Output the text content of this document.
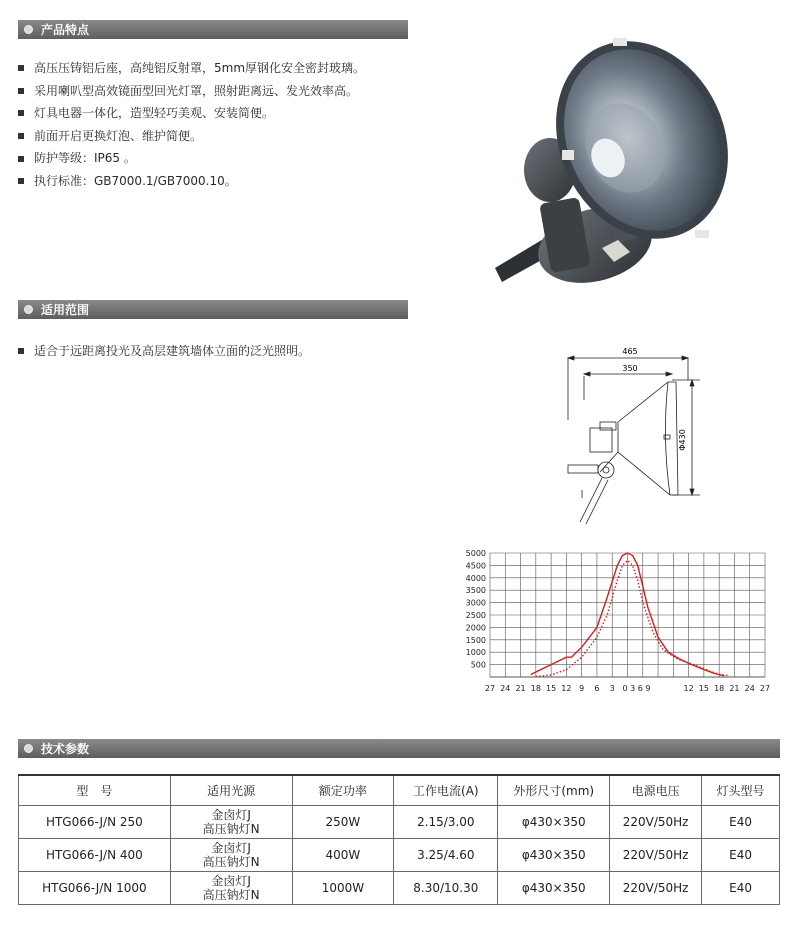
产品特点
高压压铸铝后座，高纯铝反射罩，5mm厚钢化安全密封玻璃。
采用喇叭型高效镜面型回光灯罩，照射距离远、发光效率高。
灯具电器一体化，造型轻巧美观、安装简便。
前面开启更换灯泡、维护简便。
防护等级：IP65 。
执行标准：GB7000.1/GB7000.10。
适用范围
适合于远距离投光及高层建筑墙体立面的泛光照明。	465
350
Φ430
5000
4500
4000
3500
3000
2500
2000
1500
1000
500
27 24 21 18 15 12 9 6 3 0 3 6 9	12 15 18 21 24 27
技术参数
型　号	适用光源	额定功率	工作电流(A)	外形尺寸(mm)	电源电压	灯头型号
HTG066-J/N 250	金卤灯J
高压钠灯N	250W	2.15/3.00	φ430×350	220V/50Hz	E40
HTG066-J/N 400	金卤灯J
高压钠灯N	400W	3.25/4.60	φ430×350	220V/50Hz	E40
HTG066-J/N 1000	金卤灯J
高压钠灯N	1000W	8.30/10.30	φ430×350	220V/50Hz	E40
